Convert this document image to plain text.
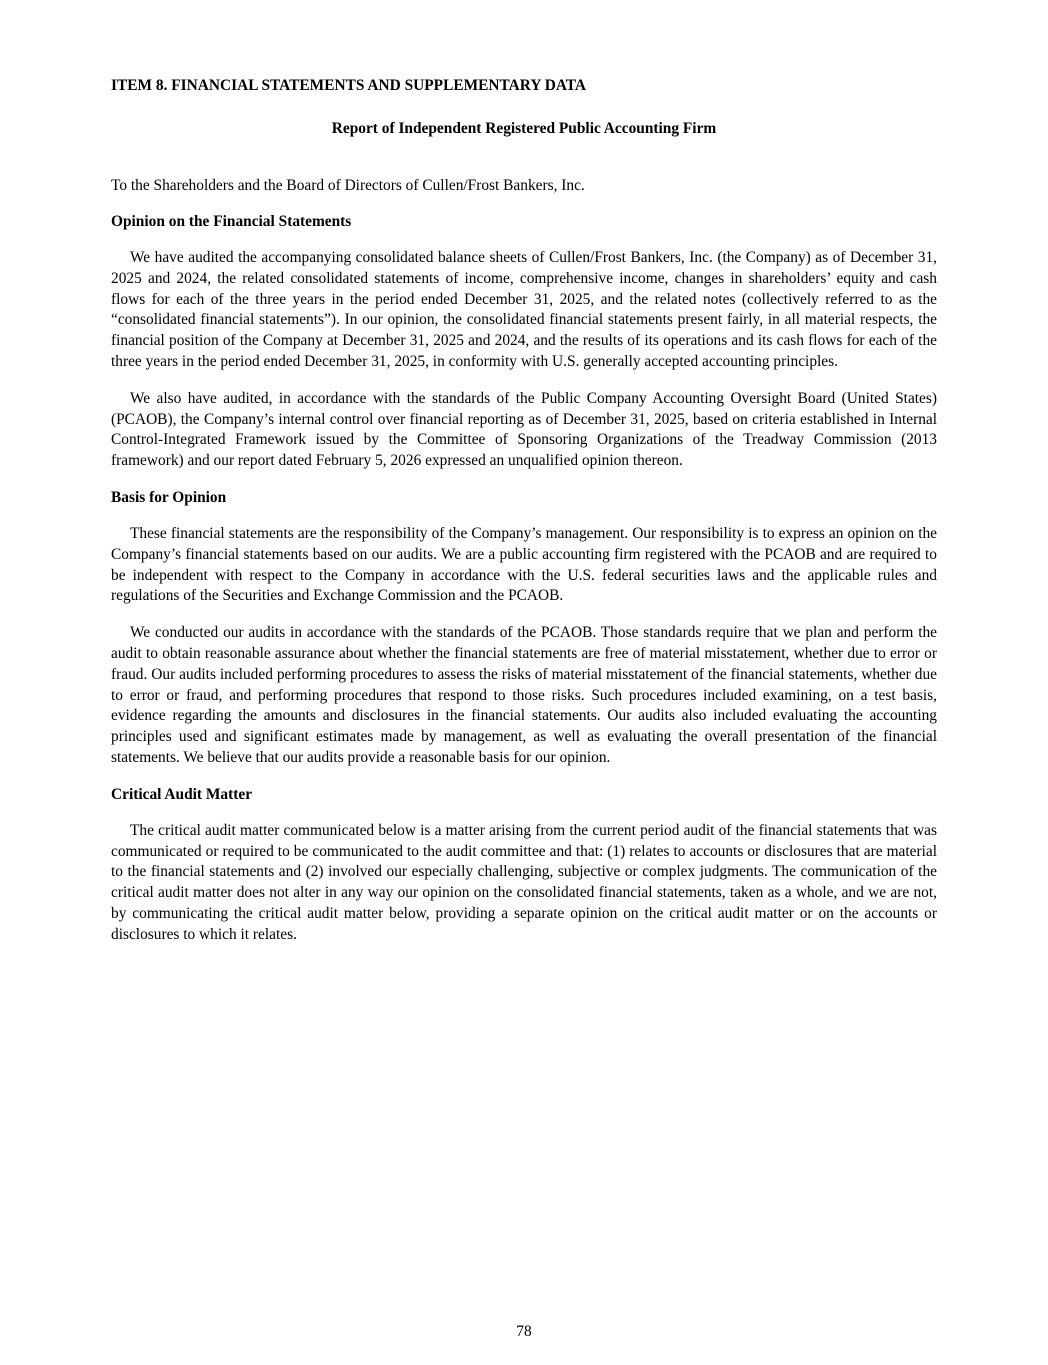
ITEM 8. FINANCIAL STATEMENTS AND SUPPLEMENTARY DATA

Report of Independent Registered Public Accounting Firm

To the Shareholders and the Board of Directors of Cullen/Frost Bankers, Inc.

Opinion on the Financial Statements

We have audited the accompanying consolidated balance sheets of Cullen/Frost Bankers, Inc. (the Company) as of December 31, 2025 and 2024, the related consolidated statements of income, comprehensive income, changes in shareholders’ equity and cash flows for each of the three years in the period ended December 31, 2025, and the related notes (collectively referred to as the “consolidated financial statements”). In our opinion, the consolidated financial statements present fairly, in all material respects, the financial position of the Company at December 31, 2025 and 2024, and the results of its operations and its cash flows for each of the three years in the period ended December 31, 2025, in conformity with U.S. generally accepted accounting principles.

We also have audited, in accordance with the standards of the Public Company Accounting Oversight Board (United States) (PCAOB), the Company’s internal control over financial reporting as of December 31, 2025, based on criteria established in Internal Control-Integrated Framework issued by the Committee of Sponsoring Organizations of the Treadway Commission (2013 framework) and our report dated February 5, 2026 expressed an unqualified opinion thereon.

Basis for Opinion

These financial statements are the responsibility of the Company’s management. Our responsibility is to express an opinion on the Company’s financial statements based on our audits. We are a public accounting firm registered with the PCAOB and are required to be independent with respect to the Company in accordance with the U.S. federal securities laws and the applicable rules and regulations of the Securities and Exchange Commission and the PCAOB.

We conducted our audits in accordance with the standards of the PCAOB. Those standards require that we plan and perform the audit to obtain reasonable assurance about whether the financial statements are free of material misstatement, whether due to error or fraud. Our audits included performing procedures to assess the risks of material misstatement of the financial statements, whether due to error or fraud, and performing procedures that respond to those risks. Such procedures included examining, on a test basis, evidence regarding the amounts and disclosures in the financial statements. Our audits also included evaluating the accounting principles used and significant estimates made by management, as well as evaluating the overall presentation of the financial statements. We believe that our audits provide a reasonable basis for our opinion.

Critical Audit Matter

The critical audit matter communicated below is a matter arising from the current period audit of the financial statements that was communicated or required to be communicated to the audit committee and that: (1) relates to accounts or disclosures that are material to the financial statements and (2) involved our especially challenging, subjective or complex judgments. The communication of the critical audit matter does not alter in any way our opinion on the consolidated financial statements, taken as a whole, and we are not, by communicating the critical audit matter below, providing a separate opinion on the critical audit matter or on the accounts or disclosures to which it relates.

78
